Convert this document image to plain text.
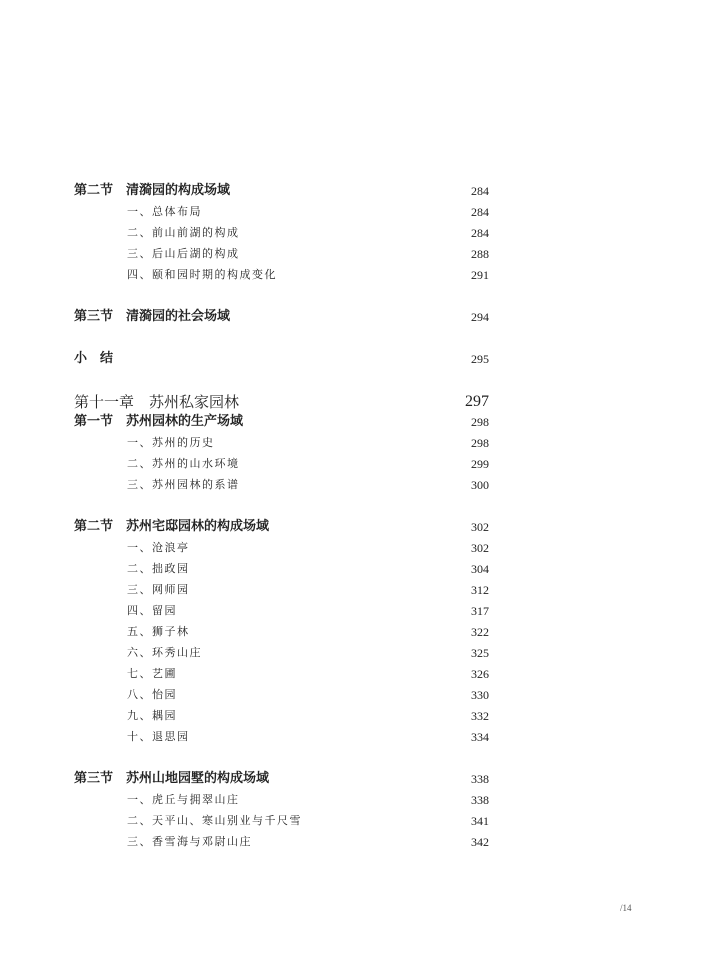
第二节　清漪园的构成场域	284
一、总体布局	284
二、前山前湖的构成	284
三、后山后湖的构成	288
四、颐和园时期的构成变化	291
第三节　清漪园的社会场域	294
小　结	295
第十一章　苏州私家园林	297
第一节　苏州园林的生产场域	298
一、苏州的历史	298
二、苏州的山水环境	299
三、苏州园林的系谱	300
第二节　苏州宅邸园林的构成场域	302
一、沧浪亭	302
二、拙政园	304
三、网师园	312
四、留园	317
五、狮子林	322
六、环秀山庄	325
七、艺圃	326
八、怡园	330
九、耦园	332
十、退思园	334
第三节　苏州山地园墅的构成场域	338
一、虎丘与拥翠山庄	338
二、天平山、寒山别业与千尺雪	341
三、香雪海与邓尉山庄	342
/14
